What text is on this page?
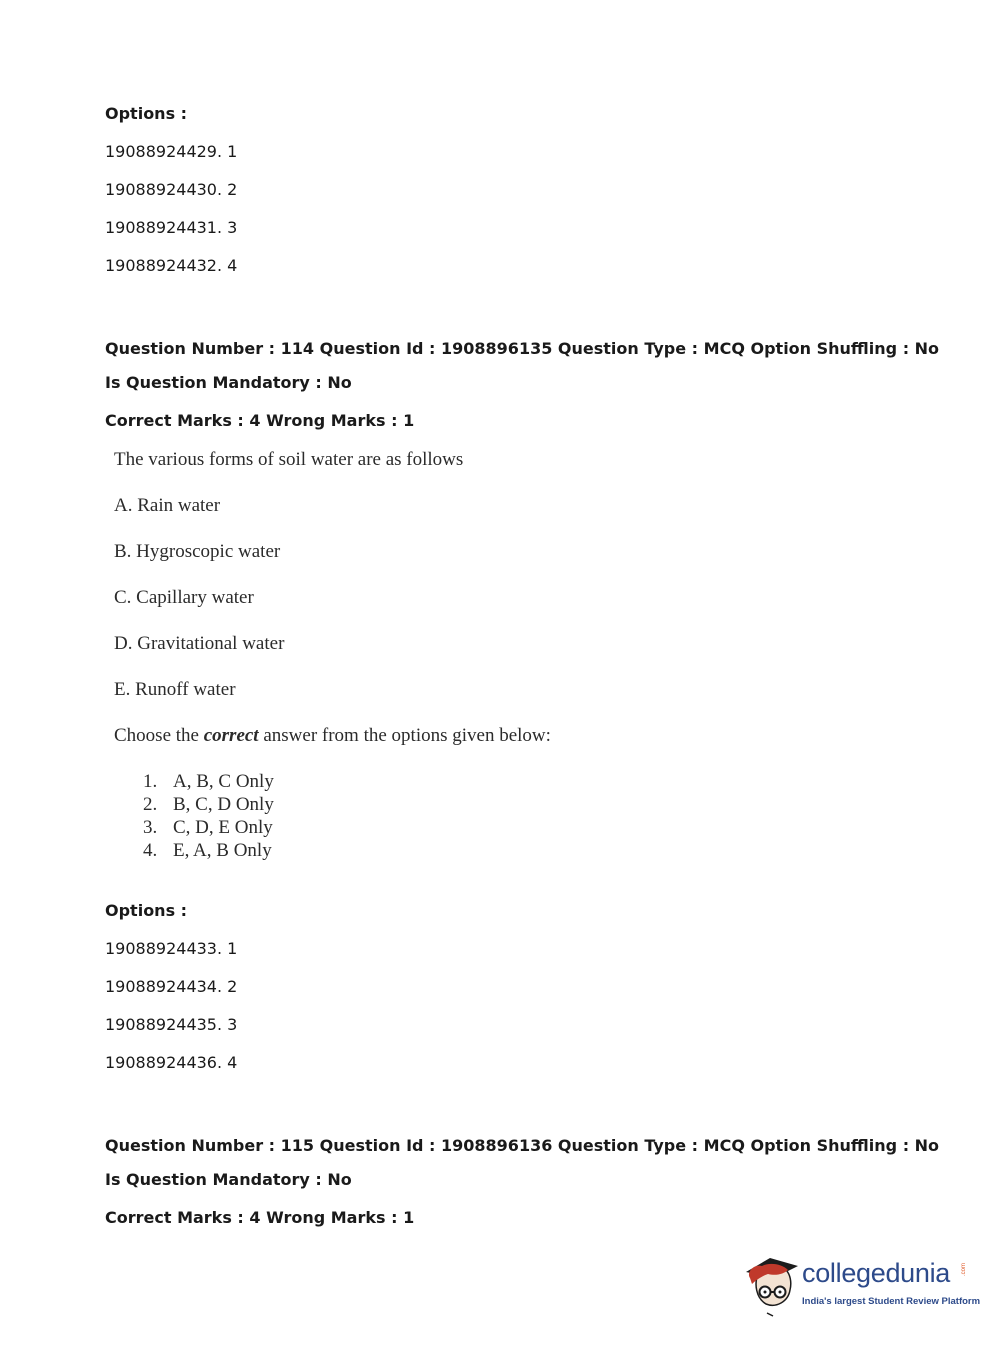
Options :
19088924429. 1
19088924430. 2
19088924431. 3
19088924432. 4
Question Number : 114 Question Id : 1908896135 Question Type : MCQ Option Shuffling : No
Is Question Mandatory : No
Correct Marks : 4 Wrong Marks : 1
The various forms of soil water are as follows
A. Rain water
B. Hygroscopic water
C. Capillary water
D. Gravitational water
E. Runoff water
Choose the correct answer from the options given below:
1. A, B, C Only
2. B, C, D Only
3. C, D, E Only
4. E, A, B Only
Options :
19088924433. 1
19088924434. 2
19088924435. 3
19088924436. 4
Question Number : 115 Question Id : 1908896136 Question Type : MCQ Option Shuffling : No
Is Question Mandatory : No
Correct Marks : 4 Wrong Marks : 1
collegedunia .com
India's largest Student Review Platform
